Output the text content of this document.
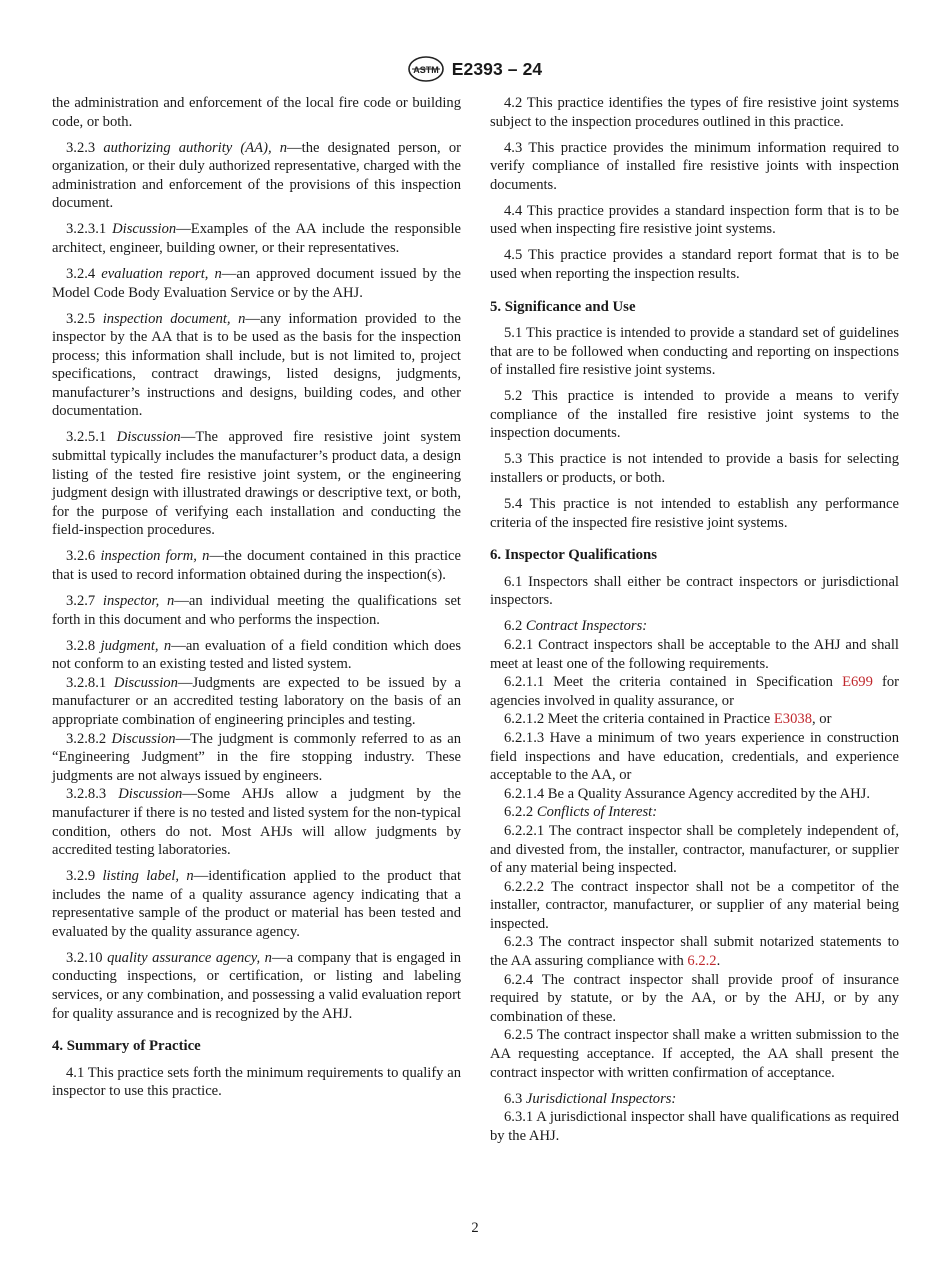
ASTM E2393 – 24

the administration and enforcement of the local fire code or building code, or both.

3.2.3 authorizing authority (AA), n—the designated person, or organization, or their duly authorized representative, charged with the administration and enforcement of the provisions of this inspection document.

3.2.3.1 Discussion—Examples of the AA include the responsible architect, engineer, building owner, or their representatives.

3.2.4 evaluation report, n—an approved document issued by the Model Code Body Evaluation Service or by the AHJ.

3.2.5 inspection document, n—any information provided to the inspector by the AA that is to be used as the basis for the inspection process; this information shall include, but is not limited to, project specifications, contract drawings, listed designs, judgments, manufacturer’s instructions and designs, building codes, and other documentation.

3.2.5.1 Discussion—The approved fire resistive joint system submittal typically includes the manufacturer’s product data, a design listing of the tested fire resistive joint system, or the engineering judgment design with illustrated drawings or descriptive text, or both, for the purpose of verifying each installation and conducting the field-inspection procedures.

3.2.6 inspection form, n—the document contained in this practice that is used to record information obtained during the inspection(s).

3.2.7 inspector, n—an individual meeting the qualifications set forth in this document and who performs the inspection.

3.2.8 judgment, n—an evaluation of a field condition which does not conform to an existing tested and listed system.

3.2.8.1 Discussion—Judgments are expected to be issued by a manufacturer or an accredited testing laboratory on the basis of an appropriate combination of engineering principles and testing.

3.2.8.2 Discussion—The judgment is commonly referred to as an “Engineering Judgment” in the fire stopping industry. These judgments are not always issued by engineers.

3.2.8.3 Discussion—Some AHJs allow a judgment by the manufacturer if there is no tested and listed system for the non-typical condition, others do not. Most AHJs will allow judgments by accredited testing laboratories.

3.2.9 listing label, n—identification applied to the product that includes the name of a quality assurance agency indicating that a representative sample of the product or material has been tested and evaluated by the quality assurance agency.

3.2.10 quality assurance agency, n—a company that is engaged in conducting inspections, or certification, or listing and labeling services, or any combination, and possessing a valid evaluation report for quality assurance and is recognized by the AHJ.

4. Summary of Practice

4.1 This practice sets forth the minimum requirements to qualify an inspector to use this practice.

4.2 This practice identifies the types of fire resistive joint systems subject to the inspection procedures outlined in this practice.

4.3 This practice provides the minimum information required to verify compliance of installed fire resistive joints with inspection documents.

4.4 This practice provides a standard inspection form that is to be used when inspecting fire resistive joint systems.

4.5 This practice provides a standard report format that is to be used when reporting the inspection results.

5. Significance and Use

5.1 This practice is intended to provide a standard set of guidelines that are to be followed when conducting and reporting on inspections of installed fire resistive joint systems.

5.2 This practice is intended to provide a means to verify compliance of the installed fire resistive joint systems to the inspection documents.

5.3 This practice is not intended to provide a basis for selecting installers or products, or both.

5.4 This practice is not intended to establish any performance criteria of the inspected fire resistive joint systems.

6. Inspector Qualifications

6.1 Inspectors shall either be contract inspectors or jurisdictional inspectors.

6.2 Contract Inspectors:

6.2.1 Contract inspectors shall be acceptable to the AHJ and shall meet at least one of the following requirements.

6.2.1.1 Meet the criteria contained in Specification E699 for agencies involved in quality assurance, or

6.2.1.2 Meet the criteria contained in Practice E3038, or

6.2.1.3 Have a minimum of two years experience in construction field inspections and have education, credentials, and experience acceptable to the AA, or

6.2.1.4 Be a Quality Assurance Agency accredited by the AHJ.

6.2.2 Conflicts of Interest:

6.2.2.1 The contract inspector shall be completely independent of, and divested from, the installer, contractor, manufacturer, or supplier of any material being inspected.

6.2.2.2 The contract inspector shall not be a competitor of the installer, contractor, manufacturer, or supplier of any material being inspected.

6.2.3 The contract inspector shall submit notarized statements to the AA assuring compliance with 6.2.2.

6.2.4 The contract inspector shall provide proof of insurance required by statute, or by the AA, or by the AHJ, or by any combination of these.

6.2.5 The contract inspector shall make a written submission to the AA requesting acceptance. If accepted, the AA shall present the contract inspector with written confirmation of acceptance.

6.3 Jurisdictional Inspectors:

6.3.1 A jurisdictional inspector shall have qualifications as required by the AHJ.

2
